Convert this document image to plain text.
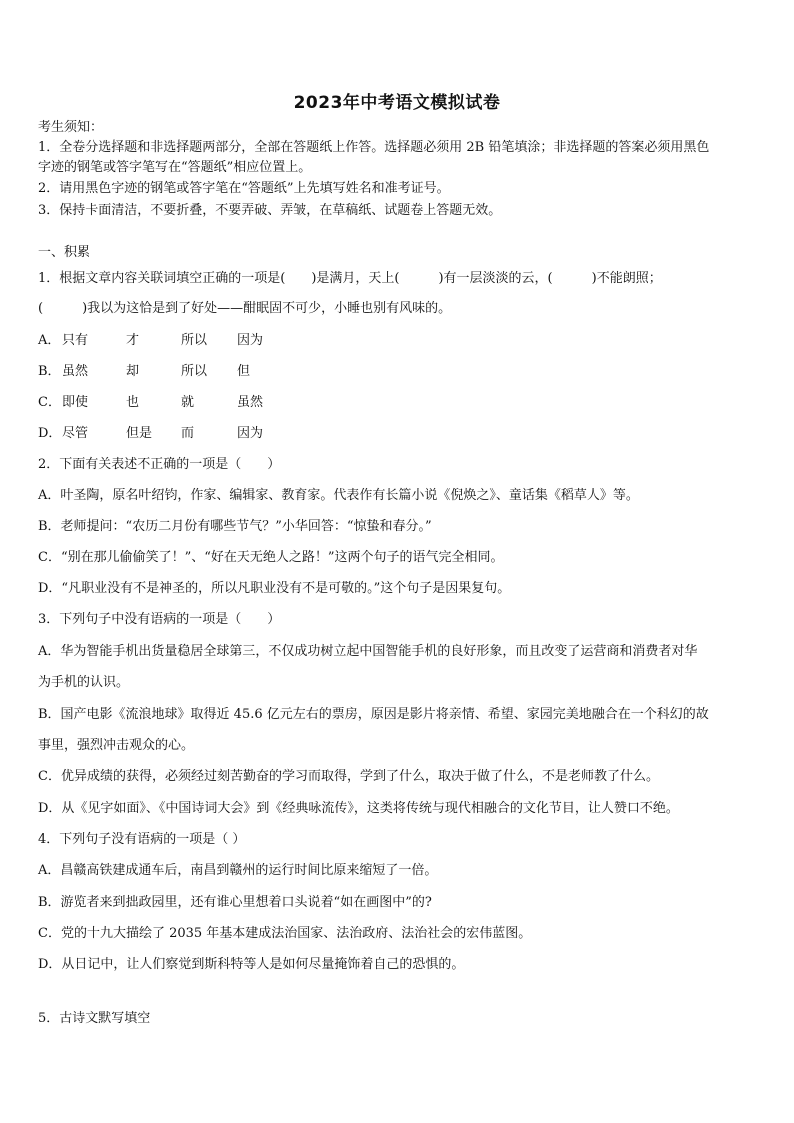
2023年中考语文模拟试卷
考生须知：
1．全卷分选择题和非选择题两部分，全部在答题纸上作答。选择题必须用 2B 铅笔填涂；非选择题的答案必须用黑色
字迹的钢笔或答字笔写在“答题纸”相应位置上。
2．请用黑色字迹的钢笔或答字笔在“答题纸”上先填写姓名和准考证号。
3．保持卡面清洁，不要折叠，不要弄破、弄皱，在草稿纸、试题卷上答题无效。
一、积累
1．根据文章内容关联词填空正确的一项是(　　)是满月，天上(　　　)有一层淡淡的云，(　　　)不能朗照；
(　　　)我以为这恰是到了好处——酣眠固不可少，小睡也别有风味的。
A． 只有	才	所以 因为
B． 虽然	却	所以 但
C． 即使	也	就	虽然
D． 尽管	但是 而	因为
2．下面有关表述不正确的一项是（　　）
A．叶圣陶，原名叶绍钧，作家、编辑家、教育家。代表作有长篇小说《倪焕之》、童话集《稻草人》等。
B．老师提问：“农历二月份有哪些节气？”小华回答：“惊蛰和春分。”
C．“别在那儿偷偷笑了！”、“好在天无绝人之路！”这两个句子的语气完全相同。
D．“凡职业没有不是神圣的，所以凡职业没有不是可敬的。”这个句子是因果复句。
3．下列句子中没有语病的一项是（　　）
A．华为智能手机出货量稳居全球第三，不仅成功树立起中国智能手机的良好形象，而且改变了运营商和消费者对华
为手机的认识。
B．国产电影《流浪地球》取得近 45.6 亿元左右的票房，原因是影片将亲情、希望、家园完美地融合在一个科幻的故
事里，强烈冲击观众的心。
C．优异成绩的获得，必须经过刻苦勤奋的学习而取得，学到了什么，取决于做了什么，不是老师教了什么。
D．从《见字如面》、《中国诗词大会》到《经典咏流传》，这类将传统与现代相融合的文化节目，让人赞口不绝。
4．下列句子没有语病的一项是（ ）
A．昌赣高铁建成通车后，南昌到赣州的运行时间比原来缩短了一倍。
B．游览者来到拙政园里，还有谁心里想着口头说着“如在画图中”的?
C．党的十九大描绘了 2035 年基本建成法治国家、法治政府、法治社会的宏伟蓝图。
D．从日记中，让人们察觉到斯科特等人是如何尽量掩饰着自己的恐惧的。
5．古诗文默写填空
